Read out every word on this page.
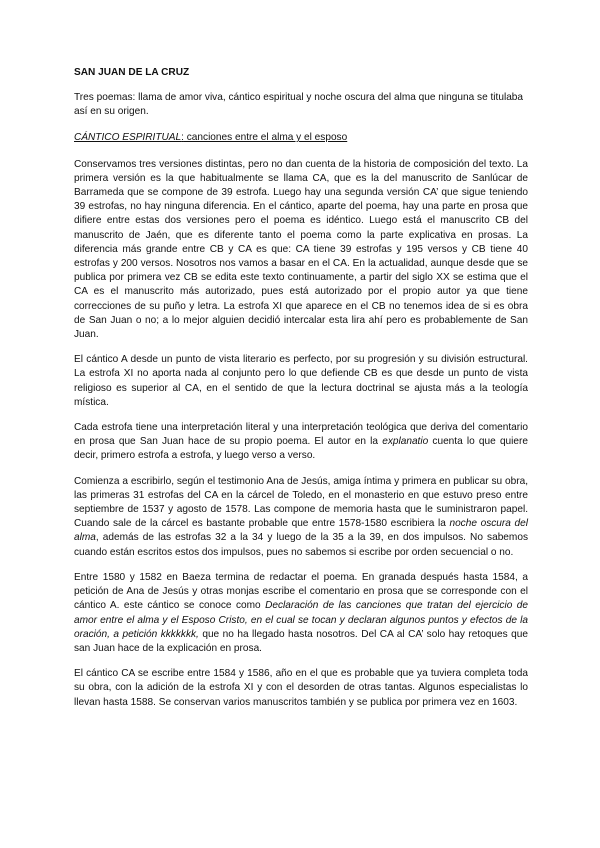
SAN JUAN DE LA CRUZ

Tres poemas: llama de amor viva, cántico espiritual y noche oscura del alma que ninguna se titulaba así en su origen.

CÁNTICO ESPIRITUAL: canciones entre el alma y el esposo

Conservamos tres versiones distintas, pero no dan cuenta de la historia de composición del texto. La primera versión es la que habitualmente se llama CA, que es la del manuscrito de Sanlúcar de Barrameda que se compone de 39 estrofa. Luego hay una segunda versión CA’ que sigue teniendo 39 estrofas, no hay ninguna diferencia. En el cántico, aparte del poema, hay una parte en prosa que difiere entre estas dos versiones pero el poema es idéntico. Luego está el manuscrito CB del manuscrito de Jaén, que es diferente tanto el poema como la parte explicativa en prosas. La diferencia más grande entre CB y CA es que: CA tiene 39 estrofas y 195 versos y CB tiene 40 estrofas y 200 versos. Nosotros nos vamos a basar en el CA. En la actualidad, aunque desde que se publica por primera vez CB se edita este texto continuamente, a partir del siglo XX se estima que el CA es el manuscrito más autorizado, pues está autorizado por el propio autor ya que tiene correcciones de su puño y letra. La estrofa XI que aparece en el CB no tenemos idea de si es obra de San Juan o no; a lo mejor alguien decidió intercalar esta lira ahí pero es probablemente de San Juan.

El cántico A desde un punto de vista literario es perfecto, por su progresión y su división estructural. La estrofa XI no aporta nada al conjunto pero lo que defiende CB es que desde un punto de vista religioso es superior al CA, en el sentido de que la lectura doctrinal se ajusta más a la teología mística.

Cada estrofa tiene una interpretación literal y una interpretación teológica que deriva del comentario en prosa que San Juan hace de su propio poema. El autor en la explanatio cuenta lo que quiere decir, primero estrofa a estrofa, y luego verso a verso.

Comienza a escribirlo, según el testimonio Ana de Jesús, amiga íntima y primera en publicar su obra, las primeras 31 estrofas del CA en la cárcel de Toledo, en el monasterio en que estuvo preso entre septiembre de 1537 y agosto de 1578. Las compone de memoria hasta que le suministraron papel. Cuando sale de la cárcel es bastante probable que entre 1578-1580 escribiera la noche oscura del alma, además de las estrofas 32 a la 34 y luego de la 35 a la 39, en dos impulsos. No sabemos cuando están escritos estos dos impulsos, pues no sabemos si escribe por orden secuencial o no.

Entre 1580 y 1582 en Baeza termina de redactar el poema. En granada después hasta 1584, a petición de Ana de Jesús y otras monjas escribe el comentario en prosa que se corresponde con el cántico A. este cántico se conoce como Declaración de las canciones que tratan del ejercicio de amor entre el alma y el Esposo Cristo, en el cual se tocan y declaran algunos puntos y efectos de la oración, a petición kkkkkkk, que no ha llegado hasta nosotros. Del CA al CA’ solo hay retoques que san Juan hace de la explicación en prosa.

El cántico CA se escribe entre 1584 y 1586, año en el que es probable que ya tuviera completa toda su obra, con la adición de la estrofa XI y con el desorden de otras tantas. Algunos especialistas lo llevan hasta 1588. Se conservan varios manuscritos también y se publica por primera vez en 1603.
